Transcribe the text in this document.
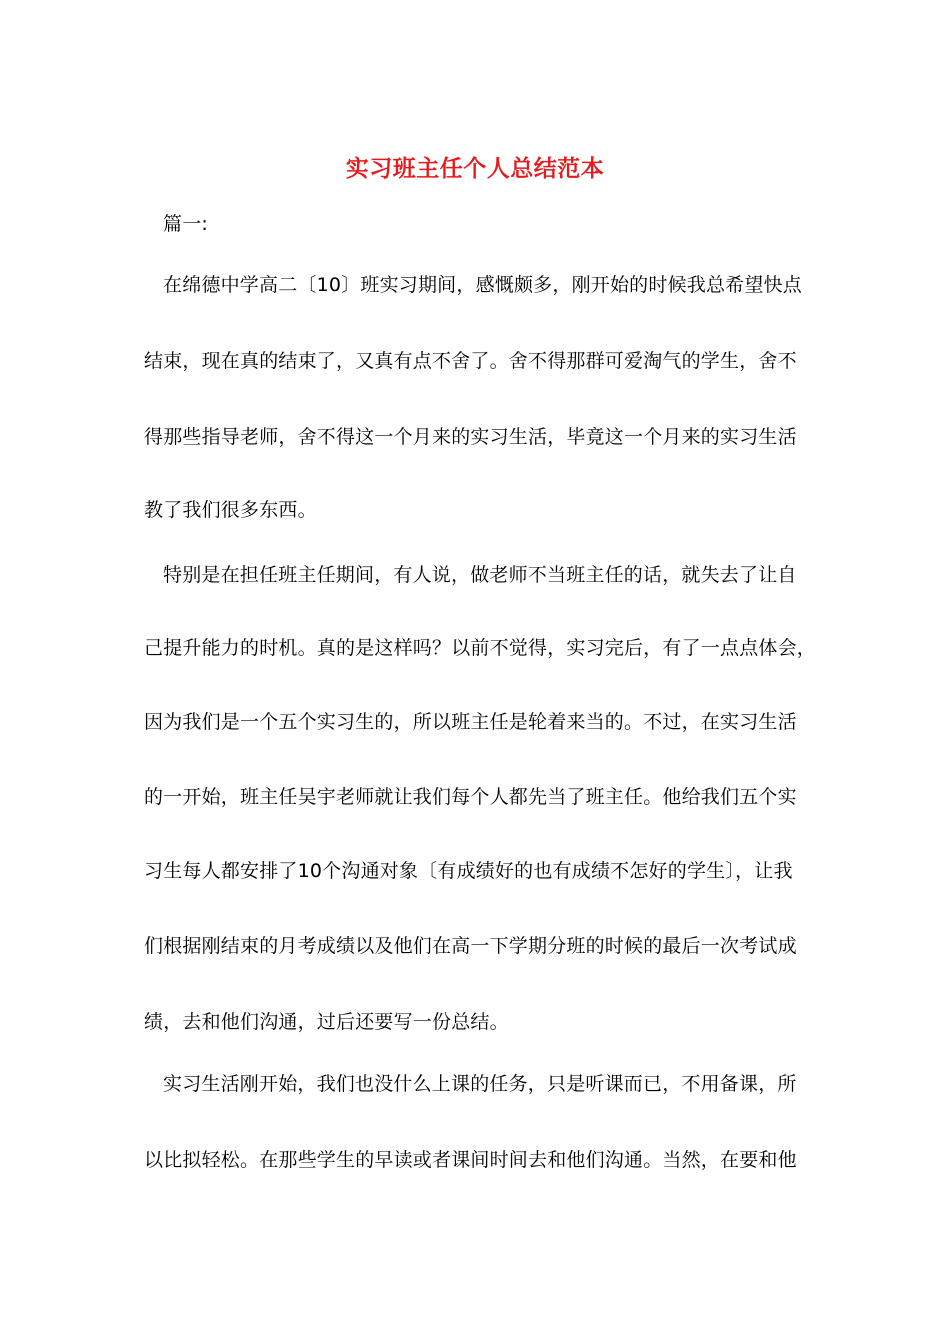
实习班主任个人总结范本
篇一:
在绵德中学高二〔10〕班实习期间，感慨颇多，刚开始的时候我总希望快点
结束，现在真的结束了，又真有点不舍了。舍不得那群可爱淘气的学生，舍不
得那些指导老师，舍不得这一个月来的实习生活，毕竟这一个月来的实习生活
教了我们很多东西。
特别是在担任班主任期间，有人说，做老师不当班主任的话，就失去了让自
己提升能力的时机。真的是这样吗？以前不觉得，实习完后，有了一点点体会，
因为我们是一个五个实习生的，所以班主任是轮着来当的。不过，在实习生活
的一开始，班主任吴宇老师就让我们每个人都先当了班主任。他给我们五个实
习生每人都安排了10个沟通对象〔有成绩好的也有成绩不怎好的学生〕，让我
们根据刚结束的月考成绩以及他们在高一下学期分班的时候的最后一次考试成
绩，去和他们沟通，过后还要写一份总结。
实习生活刚开始，我们也没什么上课的任务，只是听课而已，不用备课，所
以比拟轻松。在那些学生的早读或者课间时间去和他们沟通。当然，在要和他
